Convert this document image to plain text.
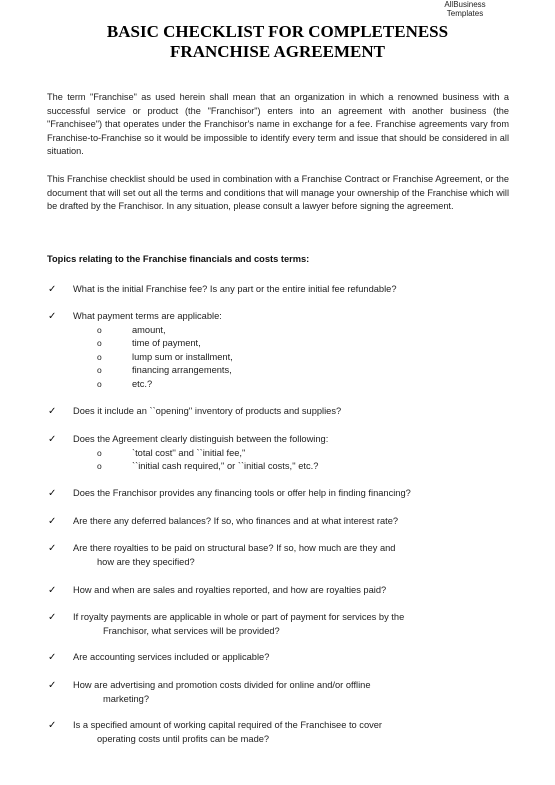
AllBusiness
Templates
BASIC CHECKLIST FOR COMPLETENESS
FRANCHISE AGREEMENT
The term "Franchise" as used herein shall mean that an organization in which a renowned business with a successful service or product (the "Franchisor") enters into an agreement with another business (the "Franchisee") that operates under the Franchisor's name in exchange for a fee. Franchise agreements vary from Franchise-to-Franchise so it would be impossible to identify every term and issue that should be considered in all situation.
This Franchise checklist should be used in combination with a Franchise Contract or Franchise Agreement, or the document that will set out all the terms and conditions that will manage your ownership of the Franchise which will be drafted by the Franchisor. In any situation, please consult a lawyer before signing the agreement.
Topics relating to the Franchise financials and costs terms:
✓ What is the initial Franchise fee? Is any part or the entire initial fee refundable?
✓ What payment terms are applicable:
o	amount,
o	time of payment,
o	lump sum or installment,
o	financing arrangements,
o	etc.?
✓ Does it include an ``opening'' inventory of products and supplies?
✓ Does the Agreement clearly distinguish between the following:
o	`total cost'' and ``initial fee,"
o	``initial cash required,'' or ``initial costs,'' etc.?
✓ Does the Franchisor provides any financing tools or offer help in finding financing?
✓ Are there any deferred balances? If so, who finances and at what interest rate?
✓ Are there royalties to be paid on structural base? If so, how much are they and
how are they specified?
✓ How and when are sales and royalties reported, and how are royalties paid?
✓ If royalty payments are applicable in whole or part of payment for services by the
Franchisor, what services will be provided?
✓ Are accounting services included or applicable?
✓ How are advertising and promotion costs divided for online and/or offline
marketing?
✓ Is a specified amount of working capital required of the Franchisee to cover
operating costs until profits can be made?
